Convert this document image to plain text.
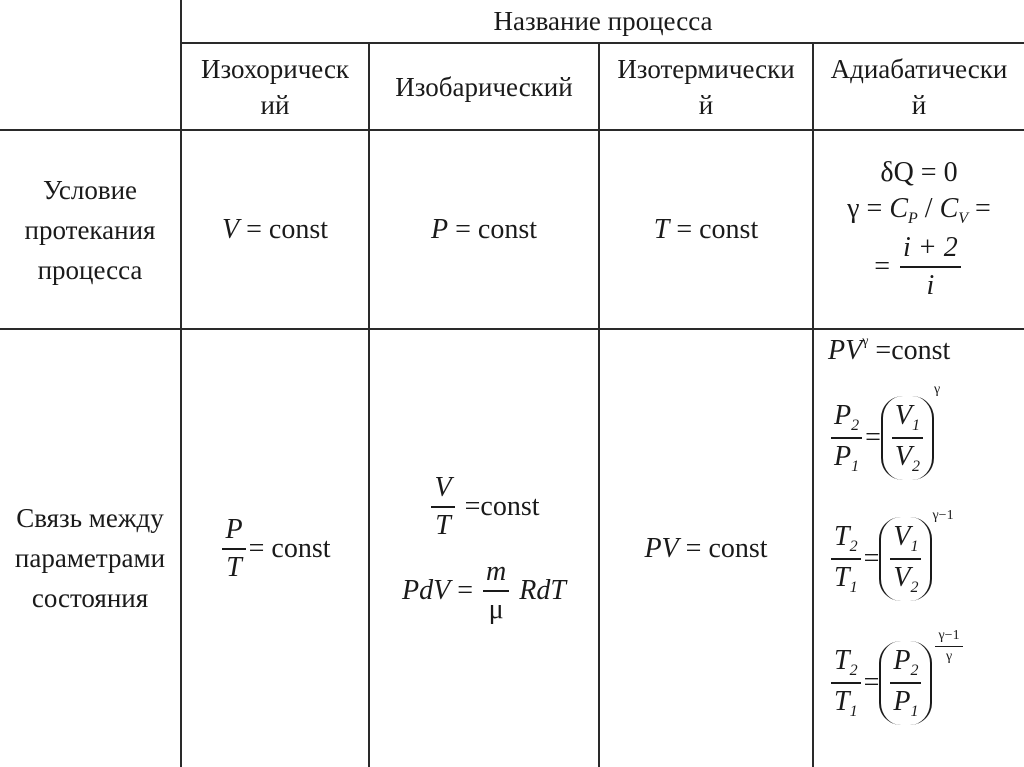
Название процесса
Изохорическ
ий
Изобарический
Изотермически
й
Адиабатически
й
Условие
протекания
процесса
Связь между
параметрами
состояния
V
=
const	P
=
const	T
=
const
δQ = 0
$\gamma = C_P / C_V$ =
= $\frac{i + 2}{i}$
$\frac{P}{T}$ =
const
$\frac{V}{T}$ =const
PdV = $\frac{m}{\mu}$ RdT
PV
=
const
$PV^\gamma$ =const
$\frac{P_2}{P_1} = \frac{V_1}{V_2}$
γ
$\frac{T_2}{T_1} = \frac{V_1}{V_2}$
γ−1
$\frac{T_2}{T_1} = \frac{P_2}{P_1} \frac{\gamma-1}{\gamma}$
